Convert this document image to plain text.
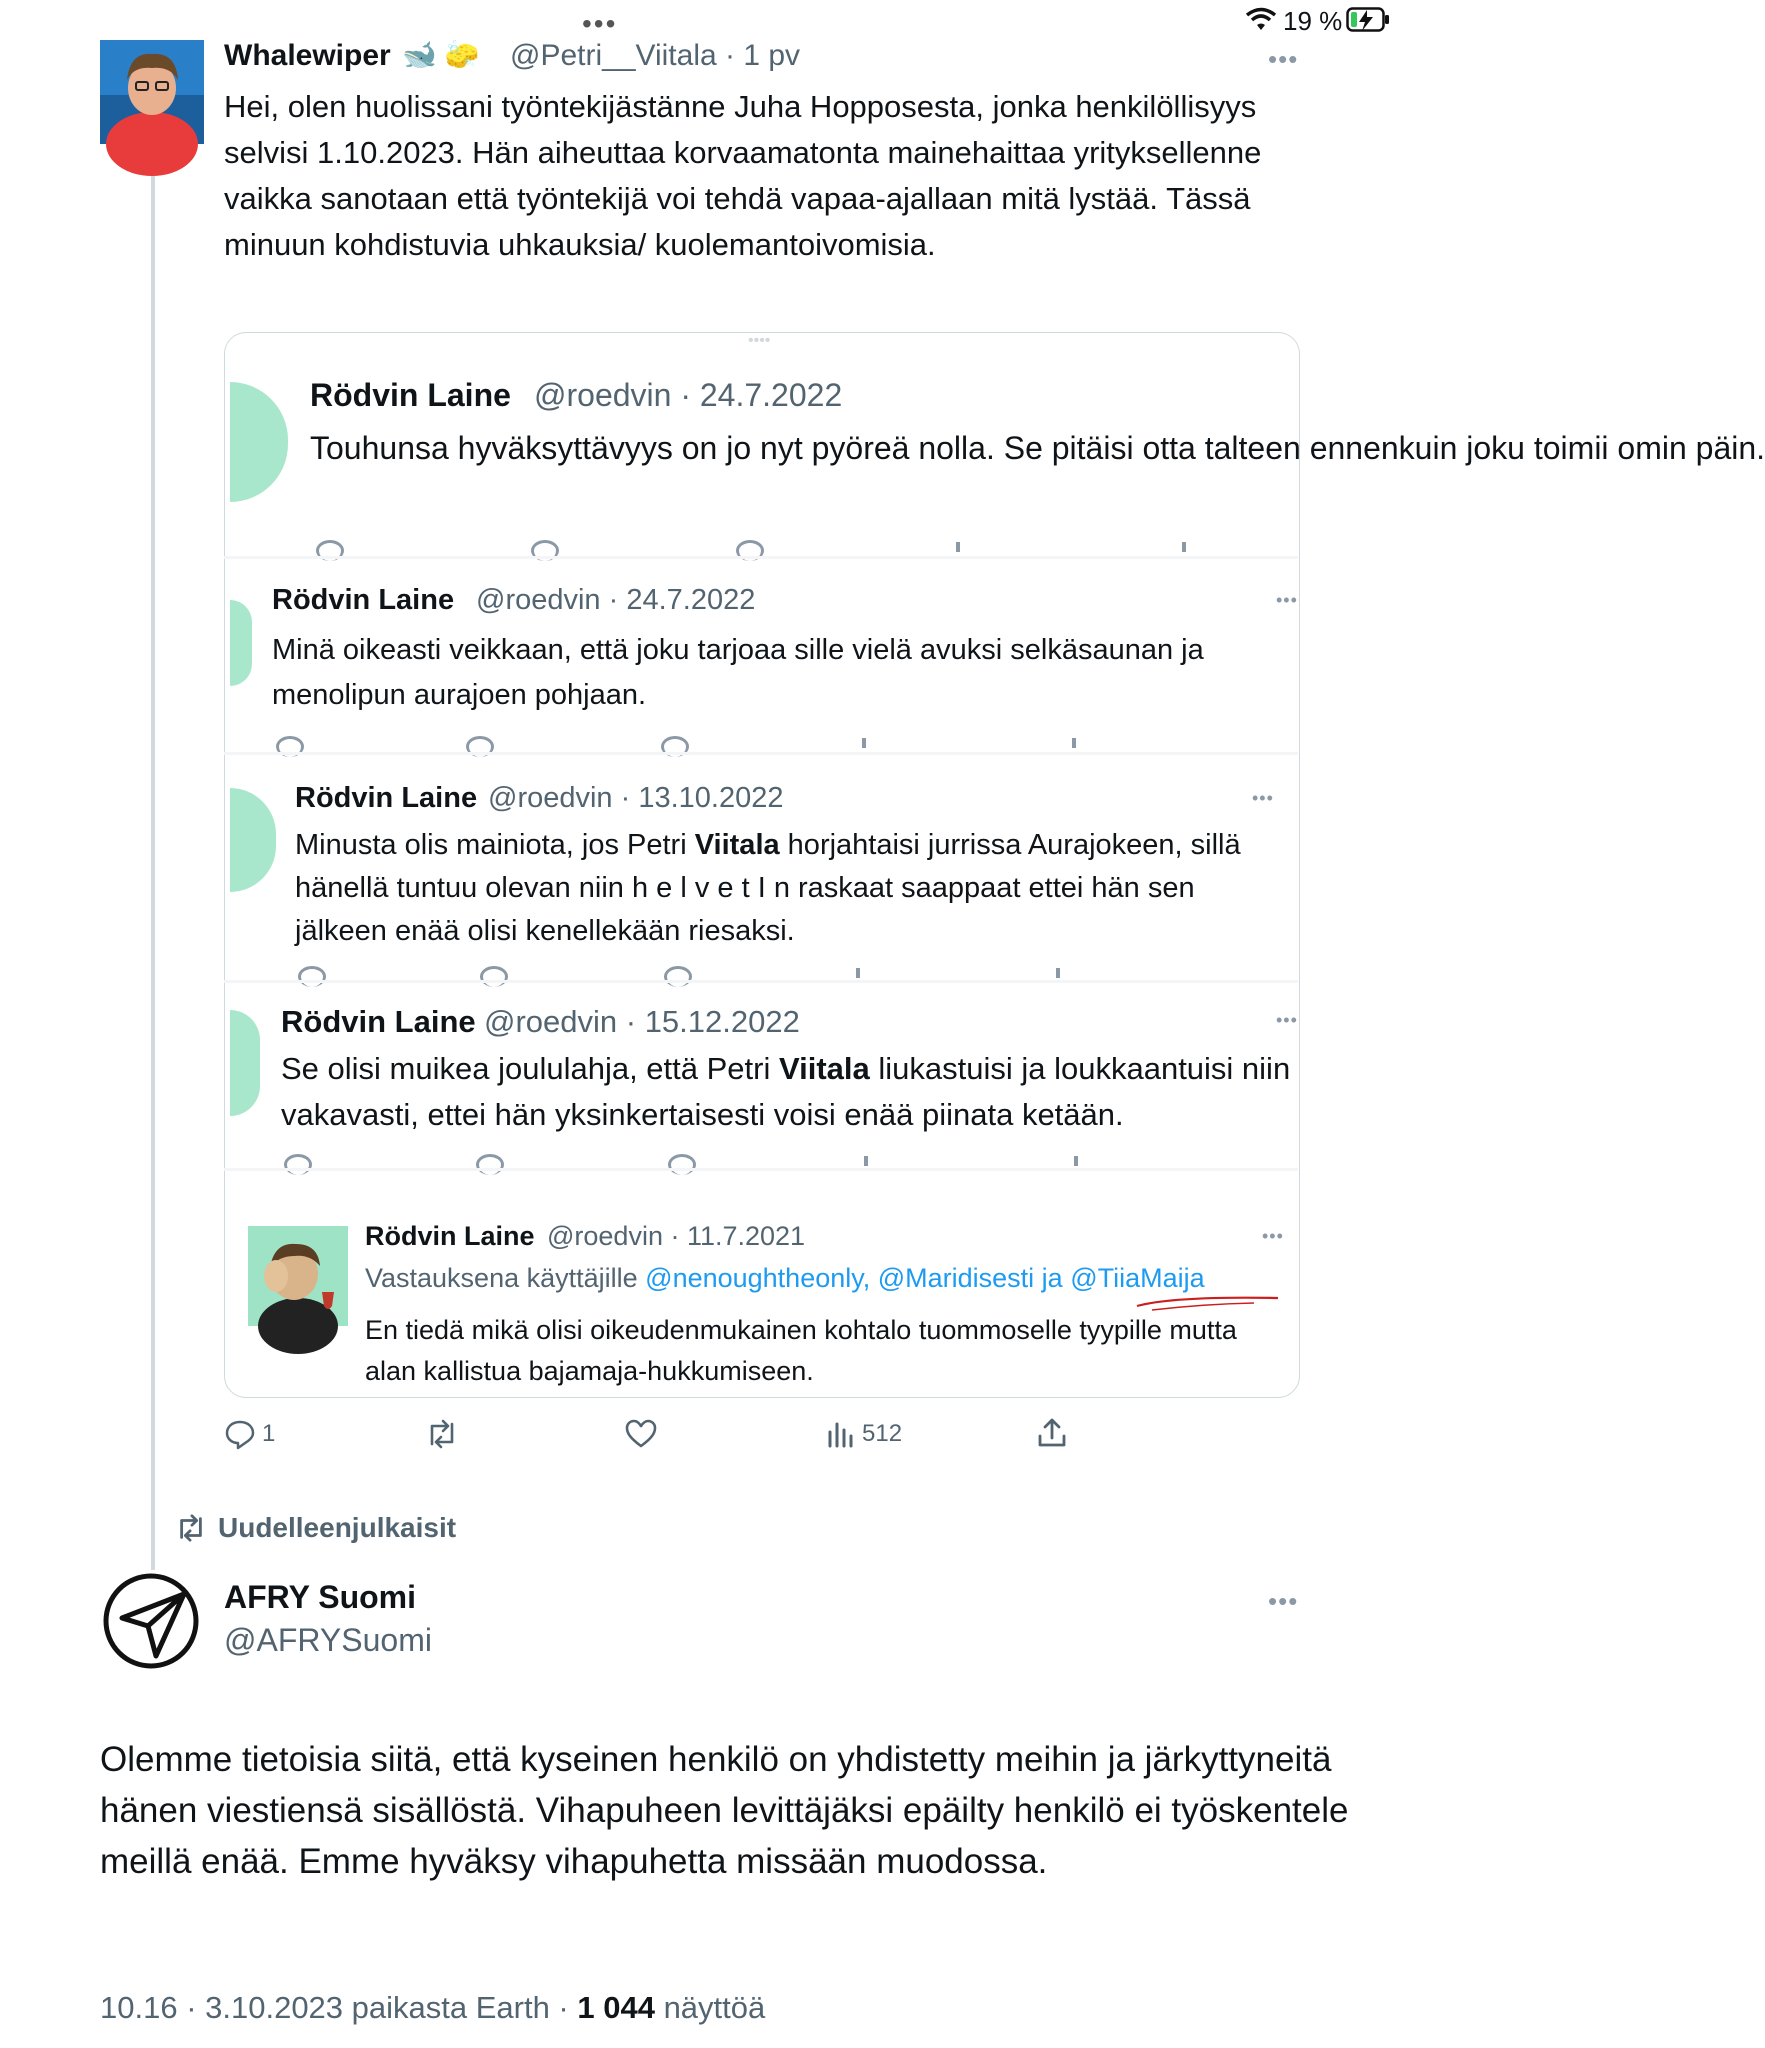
•••	19 %
Whalewiper 🐋 🧽 @Petri__Viitala · 1 pv	•••
Hei, olen huolissani työntekijästänne Juha Hopposesta, jonka henkilöllisyys selvisi 1.10.2023. Hän aiheuttaa korvaamatonta mainehaittaa yrityksellenne vaikka sanotaan että työntekijä voi tehdä vapaa-ajallaan mitä lystää. Tässä minuun kohdistuvia uhkauksia/ kuolemantoivomisia.
••••
Rödvin Laine @roedvin · 24.7.2022
Touhunsa hyväksyttävyys on jo nyt pyöreä nolla. Se pitäisi otta talteen ennenkuin joku toimii omin päin.
Rödvin Laine @roedvin · 24.7.2022	•••
Minä oikeasti veikkaan, että joku tarjoaa sille vielä avuksi selkäsaunan ja menolipun aurajoen pohjaan.
Rödvin Laine @roedvin · 13.10.2022	•••
Minusta olis mainiota, jos Petri Viitala horjahtaisi jurrissa Aurajokeen, sillä hänellä tuntuu olevan niin h e l v e t I n raskaat saappaat ettei hän sen jälkeen enää olisi kenellekään riesaksi.
Rödvin Laine @roedvin · 15.12.2022	•••
Se olisi muikea joululahja, että Petri Viitala liukastuisi ja loukkaantuisi niin vakavasti, ettei hän yksinkertaisesti voisi enää piinata ketään.
Rödvin Laine @roedvin · 11.7.2021	•••
Vastauksena käyttäjille @nenoughtheonly, @Maridisesti ja @TiiaMaija
En tiedä mikä olisi oikeudenmukainen kohtalo tuommoselle tyypille mutta alan kallistua bajamaja-hukkumiseen.
1	512
Uudelleenjulkaisit
AFRY Suomi
@AFRYSuomi
•••
Olemme tietoisia siitä, että kyseinen henkilö on yhdistetty meihin ja järkyttyneitä hänen viestiensä sisällöstä. Vihapuheen levittäjäksi epäilty henkilö ei työskentele meillä enää. Emme hyväksy vihapuhetta missään muodossa.
10.16 · 3.10.2023 paikasta Earth · 1 044 näyttöä
